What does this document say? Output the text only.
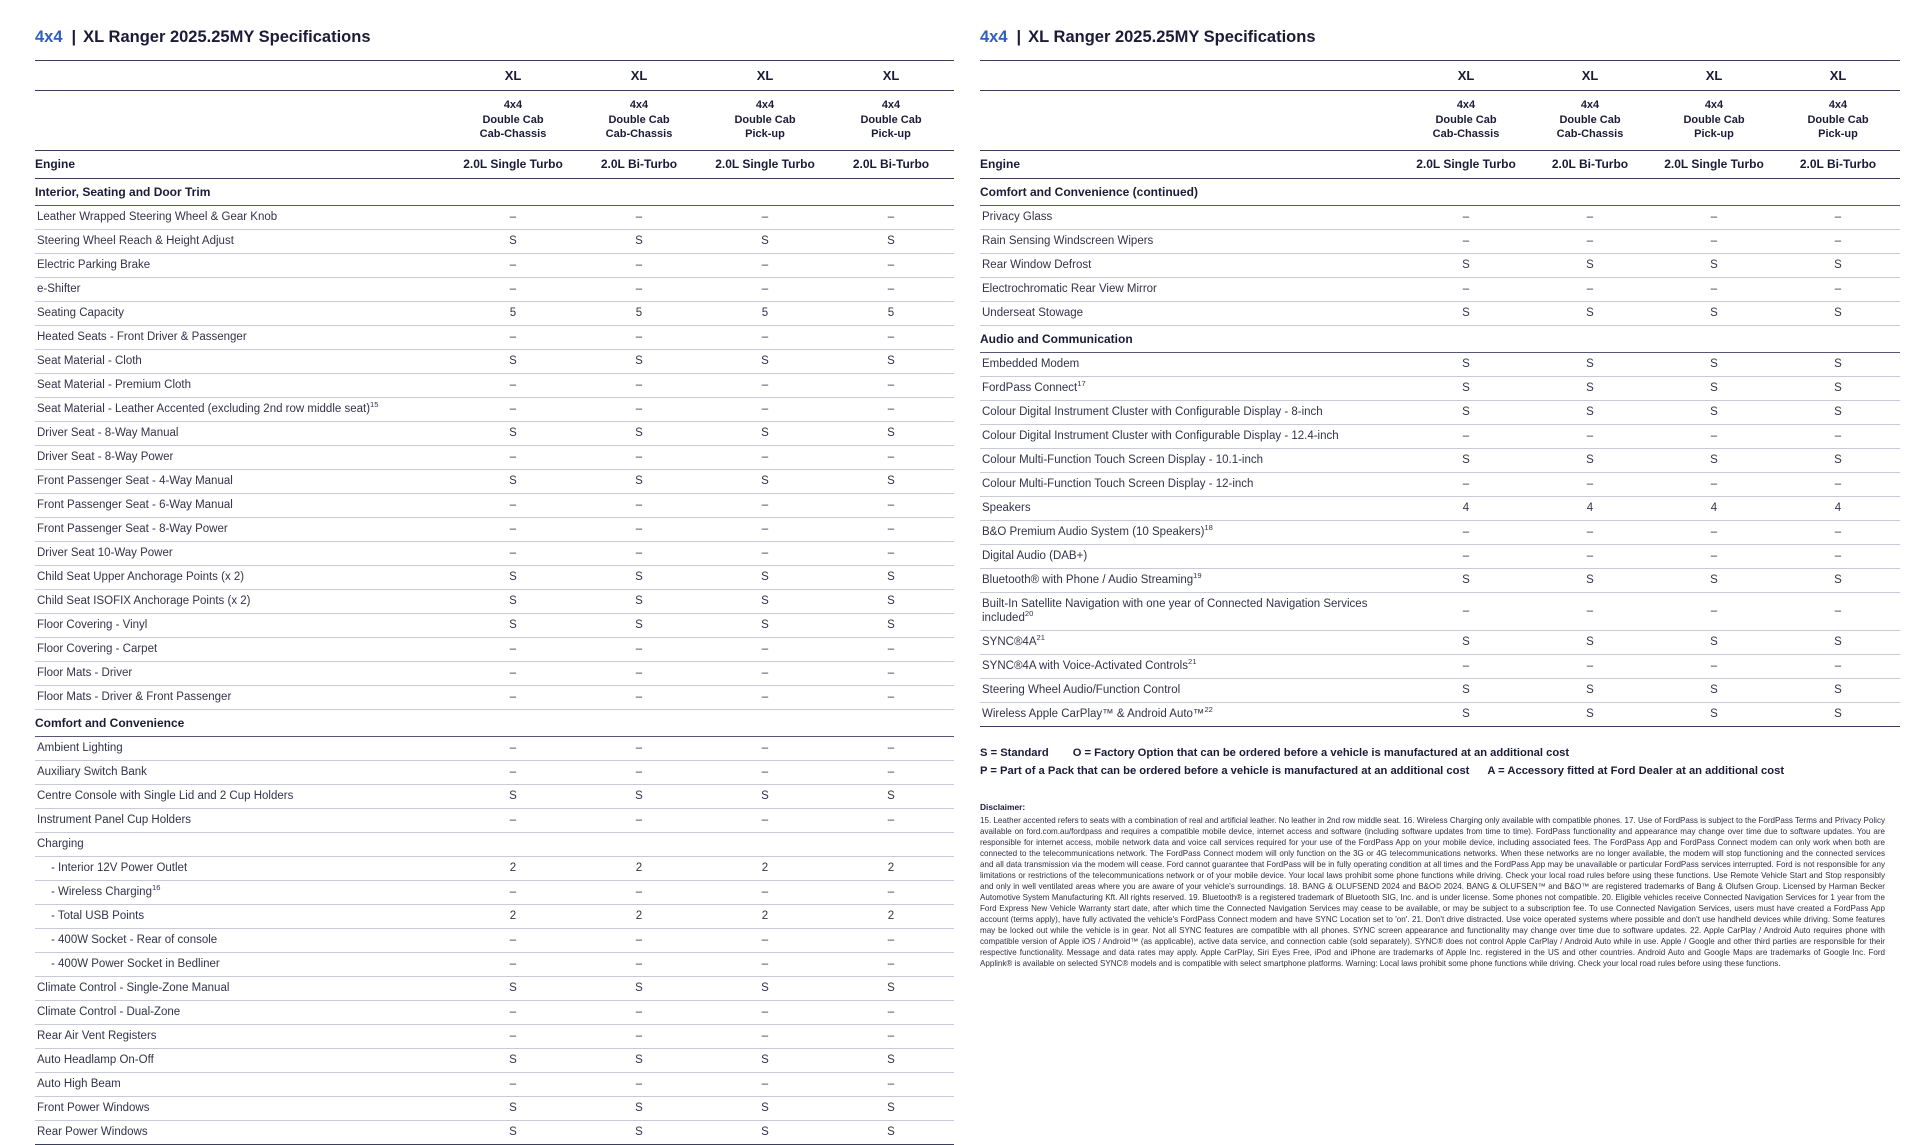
4x4 | XL Ranger 2025.25MY Specifications
	XL	XL	XL	XL
	4x4
Double Cab
Cab-Chassis	4x4
Double Cab
Cab-Chassis	4x4
Double Cab
Pick-up	4x4
Double Cab
Pick-up
Engine	2.0L Single Turbo	2.0L Bi-Turbo	2.0L Single Turbo	2.0L Bi-Turbo
Interior, Seating and Door Trim				
Leather Wrapped Steering Wheel & Gear Knob	–	–	–	–
Steering Wheel Reach & Height Adjust	S	S	S	S
Electric Parking Brake	–	–	–	–
e-Shifter	–	–	–	–
Seating Capacity	5	5	5	5
Heated Seats - Front Driver & Passenger	–	–	–	–
Seat Material - Cloth	S	S	S	S
Seat Material - Premium Cloth	–	–	–	–
Seat Material - Leather Accented (excluding 2nd row middle seat)$^{15}$	–	–	–	–
Driver Seat - 8-Way Manual	S	S	S	S
Driver Seat - 8-Way Power	–	–	–	–
Front Passenger Seat - 4-Way Manual	S	S	S	S
Front Passenger Seat - 6-Way Manual	–	–	–	–
Front Passenger Seat - 8-Way Power	–	–	–	–
Driver Seat 10-Way Power	–	–	–	–
Child Seat Upper Anchorage Points (x 2)	S	S	S	S
Child Seat ISOFIX Anchorage Points (x 2)	S	S	S	S
Floor Covering - Vinyl	S	S	S	S
Floor Covering - Carpet	–	–	–	–
Floor Mats - Driver	–	–	–	–
Floor Mats - Driver & Front Passenger	–	–	–	–
Comfort and Convenience				
Ambient Lighting	–	–	–	–
Auxiliary Switch Bank	–	–	–	–
Centre Console with Single Lid and 2 Cup Holders	S	S	S	S
Instrument Panel Cup Holders	–	–	–	–
Charging				
- Interior 12V Power Outlet	2	2	2	2
- Wireless Charging$^{16}$	–	–	–	–
- Total USB Points	2	2	2	2
- 400W Socket - Rear of console	–	–	–	–
- 400W Power Socket in Bedliner	–	–	–	–
Climate Control - Single-Zone Manual	S	S	S	S
Climate Control - Dual-Zone	–	–	–	–
Rear Air Vent Registers	–	–	–	–
Auto Headlamp On-Off	S	S	S	S
Auto High Beam	–	–	–	–
Front Power Windows	S	S	S	S
Rear Power Windows	S	S	S	S
4x4 | XL Ranger 2025.25MY Specifications
	XL	XL	XL	XL
	4x4
Double Cab
Cab-Chassis	4x4
Double Cab
Cab-Chassis	4x4
Double Cab
Pick-up	4x4
Double Cab
Pick-up
Engine	2.0L Single Turbo	2.0L Bi-Turbo	2.0L Single Turbo	2.0L Bi-Turbo
Comfort and Convenience (continued)				
Privacy Glass	–	–	–	–
Rain Sensing Windscreen Wipers	–	–	–	–
Rear Window Defrost	S	S	S	S
Electrochromatic Rear View Mirror	–	–	–	–
Underseat Stowage	S	S	S	S
Audio and Communication				
Embedded Modem	S	S	S	S
FordPass Connect$^{17}$	S	S	S	S
Colour Digital Instrument Cluster with Configurable Display - 8-inch	S	S	S	S
Colour Digital Instrument Cluster with Configurable Display - 12.4-inch	–	–	–	–
Colour Multi-Function Touch Screen Display - 10.1-inch	S	S	S	S
Colour Multi-Function Touch Screen Display - 12-inch	–	–	–	–
Speakers	4	4	4	4
B&O Premium Audio System (10 Speakers)$^{18}$	–	–	–	–
Digital Audio (DAB+)	–	–	–	–
Bluetooth® with Phone / Audio Streaming$^{19}$	S	S	S	S
Built-In Satellite Navigation with one year of Connected Navigation Services included$^{20}$	–	–	–	–
$SYNC®4A^{21}$	S	S	S	S
SYNC®4A with Voice-Activated Controls$^{21}$	–	–	–	–
Steering Wheel Audio/Function Control	S	S	S	S
Wireless Apple CarPlay™ & Android Auto™$^{22}$	S	S	S	S
S = Standard O = Factory Option that can be ordered before a vehicle is manufactured at an additional cost
P = Part of a Pack that can be ordered before a vehicle is manufactured at an additional cost A = Accessory fitted at Ford Dealer at an additional cost
Disclaimer:
15. Leather accented refers to seats with a combination of real and artificial leather. No leather in 2nd row middle seat. 16. Wireless Charging only available with compatible phones. 17. Use of FordPass is subject to the FordPass Terms and Privacy Policy available on ford.com.au/fordpass and requires a compatible mobile device, internet access and software (including software updates from time to time). FordPass functionality and appearance may change over time due to software updates. You are responsible for internet access, mobile network data and voice call services required for your use of the FordPass App on your mobile device, including associated fees. The FordPass App and FordPass Connect modem can only work when both are connected to the telecommunications network. The FordPass Connect modem will only function on the 3G or 4G telecommunications networks. When these networks are no longer available, the modem will stop functioning and the connected services and all data transmission via the modem will cease. Ford cannot guarantee that FordPass will be in fully operating condition at all times and the FordPass App may be unavailable or particular FordPass services interrupted. Ford is not responsible for any limitations or restrictions of the telecommunications network or of your mobile device. Your local laws prohibit some phone functions while driving. Check your local road rules before using these functions. Use Remote Vehicle Start and Stop responsibly and only in well ventilated areas where you are aware of your vehicle's surroundings. 18. BANG & OLUFSEND 2024 and B&O© 2024. BANG & OLUFSEN™ and B&O™ are registered trademarks of Bang & Olufsen Group. Licensed by Harman Becker Automotive System Manufacturing Kft. All rights reserved. 19. Bluetooth® is a registered trademark of Bluetooth SIG, Inc. and is under license. Some phones not compatible. 20. Eligible vehicles receive Connected Navigation Services for 1 year from the Ford Express New Vehicle Warranty start date, after which time the Connected Navigation Services may cease to be available, or may be subject to a subscription fee. To use Connected Navigation Services, users must have created a FordPass App account (terms apply), have fully activated the vehicle's FordPass Connect modem and have SYNC Location set to 'on'. 21. Don't drive distracted. Use voice operated systems where possible and don't use handheld devices while driving. Some features may be locked out while the vehicle is in gear. Not all SYNC features are compatible with all phones. SYNC screen appearance and functionality may change over time due to software updates. 22. Apple CarPlay / Android Auto requires phone with compatible version of Apple iOS / Android™ (as applicable), active data service, and connection cable (sold separately). SYNC® does not control Apple CarPlay / Android Auto while in use. Apple / Google and other third parties are responsible for their respective functionality. Message and data rates may apply. Apple CarPlay, Siri Eyes Free, iPod and iPhone are trademarks of Apple Inc. registered in the US and other countries. Android Auto and Google Maps are trademarks of Google Inc. Ford Applink® is available on selected SYNC® models and is compatible with select smartphone platforms. Warning: Local laws prohibit some phone functions while driving. Check your local road rules before using these functions.
